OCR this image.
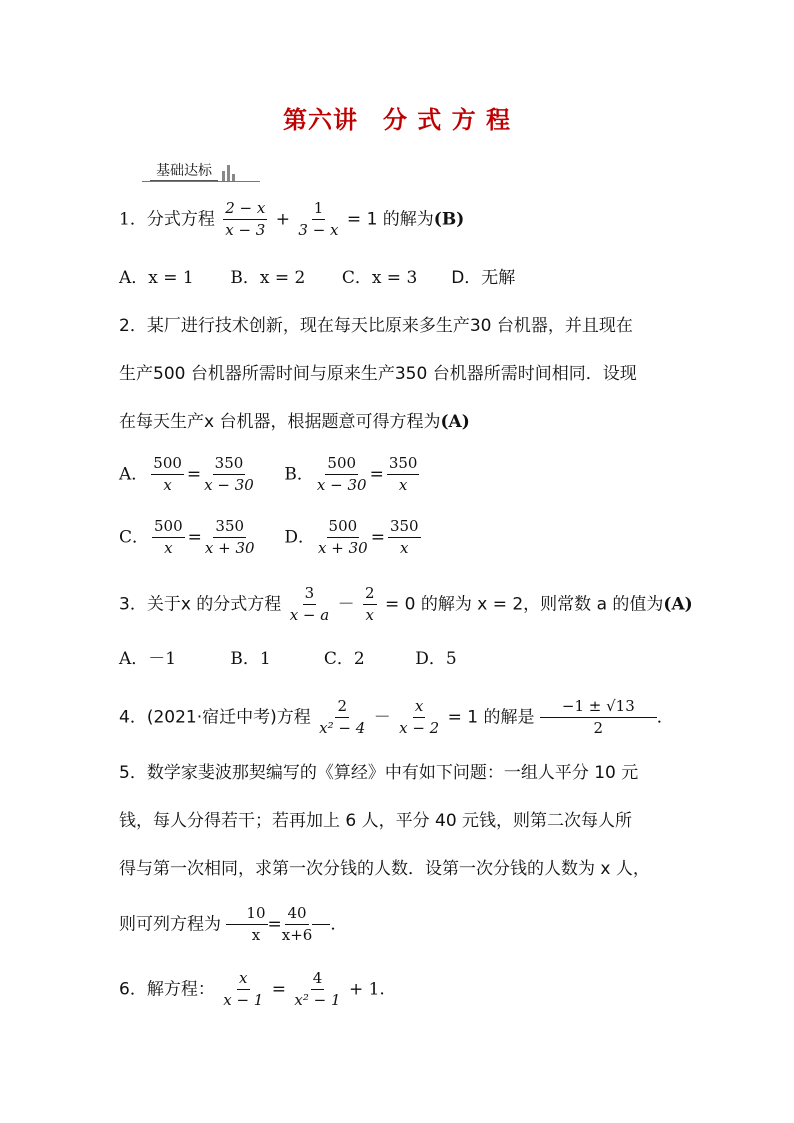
第六讲　分 式 方 程
基础达标
1．分式方程 $\frac{2 - x}{x - 3} + \frac{1}{3 - x} = 1$ 的解为(B)
A．x = 1 B．x = 2 C．x = 3 D．无解
2．某厂进行技术创新，现在每天比原来多生产30 台机器，并且现在
生产500 台机器所需时间与原来生产350 台机器所需时间相同．设现
在每天生产x 台机器，根据题意可得方程为(A)
A． $\frac{500}{x} = \frac{350}{x - 30}$ B． $\frac{500}{x - 30} = \frac{350}{x}$
C． $\frac{500}{x} = \frac{350}{x + 30}$ D． $\frac{500}{x + 30} = \frac{350}{x}$
3．关于x 的分式方程 $\frac{3}{x - a} - \frac{2}{x} = 0$ 的解为 x = 2，则常数 a 的值为(A)
A．－1	B．1	C．2	D．5
4．(2021·宿迁中考)方程 $\frac{2}{\text{x² − 4}} - \frac{x}{x - 2} = 1$ 的解是 $\frac{-1 \pm √13}{2}$ ．
5．数学家斐波那契编写的《算经》中有如下问题：一组人平分 10 元
钱，每人分得若干；若再加上 6 人，平分 40 元钱，则第二次每人所
得与第一次相同，求第一次分钱的人数．设第一次分钱的人数为 x 人，
则可列方程为 $\frac{10}{x} = \frac{40}{x+6}$ ．
6．解方程： $\frac{x}{x - 1} = \frac{4}{\text{x² − 1}} + 1$.
